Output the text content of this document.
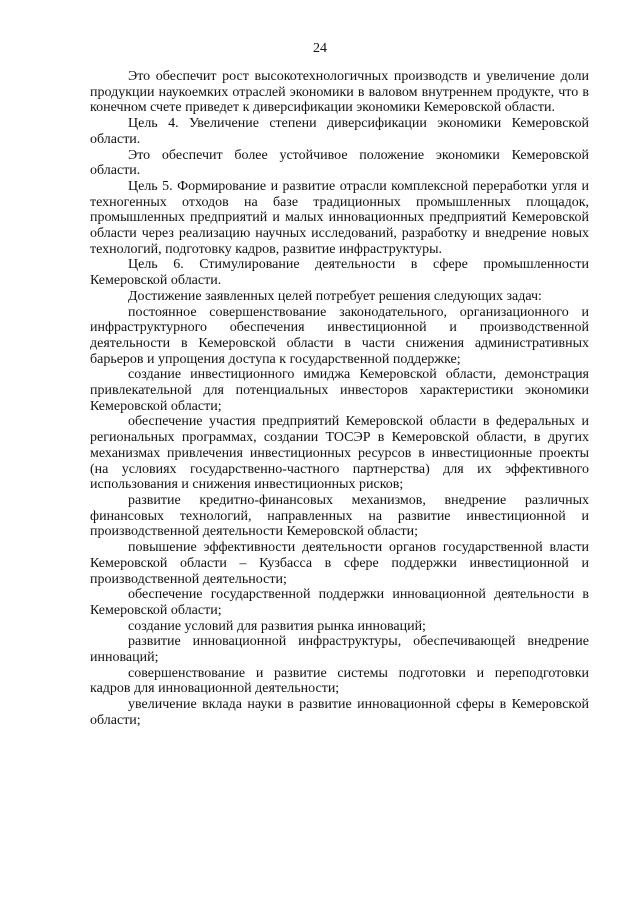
24

Это обеспечит рост высокотехнологичных производств и увеличение доли продукции наукоемких отраслей экономики в валовом внутреннем продукте, что в конечном счете приведет к диверсификации экономики Кемеровской области.

Цель 4. Увеличение степени диверсификации экономики Кемеровской области.

Это обеспечит более устойчивое положение экономики Кемеровской области.

Цель 5. Формирование и развитие отрасли комплексной переработки угля и техногенных отходов на базе традиционных промышленных площадок, промышленных предприятий и малых инновационных предприятий Кемеровской области через реализацию научных исследований, разработку и внедрение новых технологий, подготовку кадров, развитие инфраструктуры.

Цель 6. Стимулирование деятельности в сфере промышленности Кемеровской области.

Достижение заявленных целей потребует решения следующих задач:

постоянное совершенствование законодательного, организационного и инфраструктурного обеспечения инвестиционной и производственной деятельности в Кемеровской области в части снижения административных барьеров и упрощения доступа к государственной поддержке;

создание инвестиционного имиджа Кемеровской области, демонстрация привлекательной для потенциальных инвесторов характеристики экономики Кемеровской области;

обеспечение участия предприятий Кемеровской области в федеральных и региональных программах, создании ТОСЭР в Кемеровской области, в других механизмах привлечения инвестиционных ресурсов в инвестиционные проекты (на условиях государственно-частного партнерства) для их эффективного использования и снижения инвестиционных рисков;

развитие кредитно-финансовых механизмов, внедрение различных финансовых технологий, направленных на развитие инвестиционной и производственной деятельности Кемеровской области;

повышение эффективности деятельности органов государственной власти Кемеровской области – Кузбасса в сфере поддержки инвестиционной и производственной деятельности;

обеспечение государственной поддержки инновационной деятельности в Кемеровской области;

создание условий для развития рынка инноваций;

развитие инновационной инфраструктуры, обеспечивающей внедрение инноваций;

совершенствование и развитие системы подготовки и переподготовки кадров для инновационной деятельности;

увеличение вклада науки в развитие инновационной сферы в Кемеровской области;
